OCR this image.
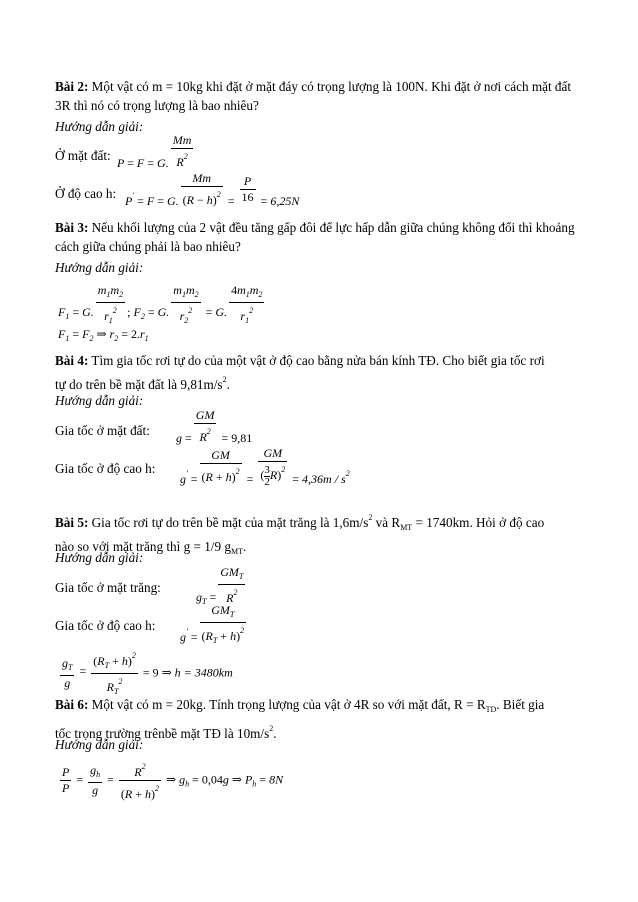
Bài 2: Một vật có m = 10kg khi đặt ở mặt đáy có trọng lượng là 100N. Khi đặt ở nơi cách mặt đất 3R thì nó có trọng lượng là bao nhiêu?
Hướng dẫn giải:
Ở mặt đất:
P = F = G. $\frac{Mm}{R^2}$
Ở độ cao h:
P' = F = G. $\frac{Mm}{(R - h)^2} = \frac{P}{16} = 6,25N$
Bài 3: Nếu khối lượng của 2 vật đều tăng gấp đôi để lực hấp dẫn giữa chúng không đổi thì khoảng cách giữa chúng phải là bao nhiêu?
Hướng dẫn giải:
$F_1 = G$. $\frac{m_1m_2}{r_1^2}$ ; $F_2 = G$. $\frac{m_1m_2}{r_2^2} = G$. $\frac{4m_1m_2}{r_1^2}$
$F_1 = F_2$ ⇒ $r_2 = 2.r_1$
Bài 4: Tìm gia tốc rơi tự do của một vật ở độ cao bằng nửa bán kính TĐ. Cho biết gia tốc rơi
tự do trên bề mặt đất là $9,81m/s^2$.
Hướng dẫn giải:
Gia tốc ở mặt đất:
$g = \frac{GM}{R^2} = 9,81$
Gia tốc ở độ cao h:
$g' = \frac{GM}{(R + h)^2} = \frac{GM}{( \frac{3}{2} R)^2} = 4,36m / s^2$
Bài 5: Gia tốc rơi tự do trên bề mặt của mặt trăng là $1,6m/s^2$ và $R_{MT} = 1740km$. Hỏi ở độ cao
nào so với mặt trăng thì g = 1/9 $g_{MT}$.
Hướng dẫn giải:
Gia tốc ở mặt trăng:
$g_T = \frac{GM_T}{R^2}$
Gia tốc ở độ cao h:
$g' = \frac{GM_T}{(R_T + h)^2}$
$\frac{g_T}{g} = \frac{(R_T + h)^2}{R_T^2} = 9$ ⇒ h = 3480km
Bài 6: Một vật có m = 20kg. Tính trọng lượng của vật ở 4R so với mặt đất, $R = R_{TD}$. Biết gia
tốc trọng trường trênbề mặt TĐ là $10m/s^2$.
Hướng dẫn giải:
$\frac{P}{P} = \frac{g_h}{g} = \frac{R^2}{(R + h)^2}$ ⇒ $g_h = 0,04g$ ⇒ $P_h = 8N$
